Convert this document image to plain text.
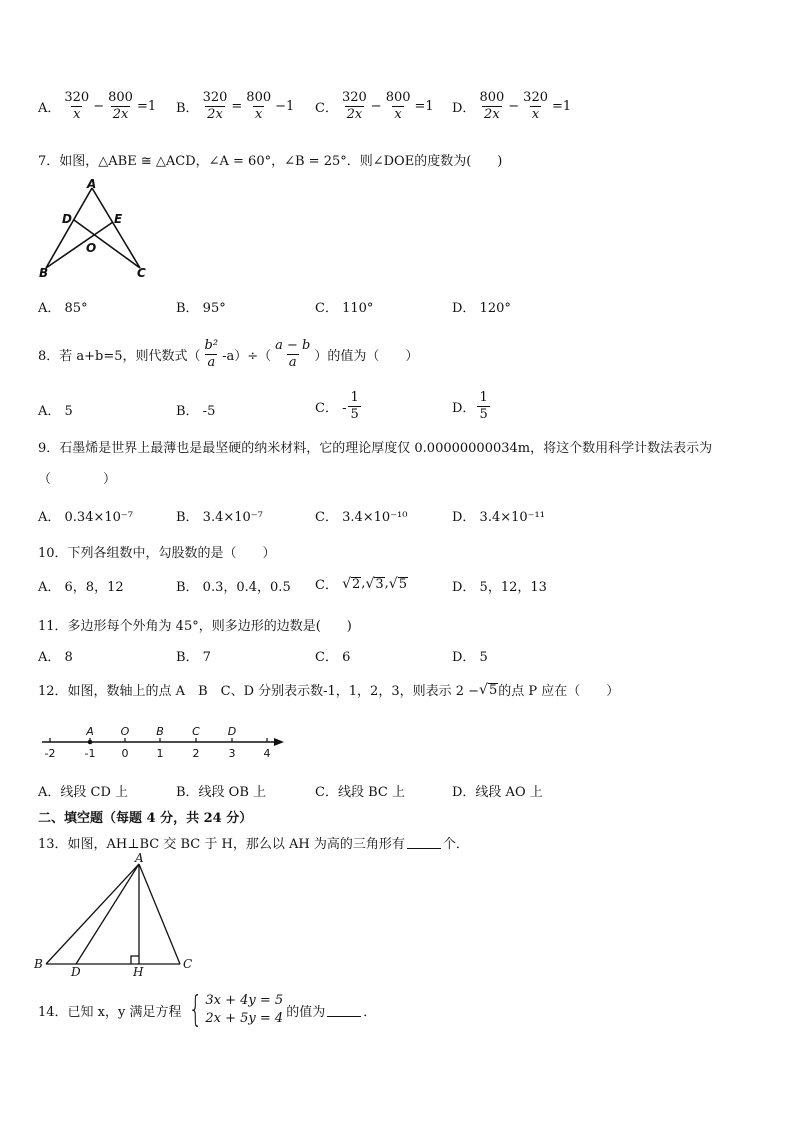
A． $\frac{320}{x} - \frac{800}{2x} =1$ B． $\frac{320}{2x} = \frac{800}{x} -1$ C． $\frac{320}{2x} - \frac{800}{x} =1$ D． $\frac{800}{2x} - \frac{320}{x} =1$
7．如图，△ABE ≅ △ACD，∠A = 60°，∠B = 25°．则∠DOE的度数为(　　)
A
D	E
O
B	C
A． 85°	B． 95°	C． 110°	D． 120°
8．若 a+b=5，则代数式（ $\frac{\text{b²}}{a} -a)\div( \frac{a - b}{a}$ ）的值为（　　）
A． 5	B． -5	C． - $\frac{1}{5}$	D． $\frac{1}{5}$
9．石墨烯是世界上最薄也是最坚硬的纳米材料，它的理论厚度仅 0.00000000034m，将这个数用科学计数法表示为
（　　　　）
A． 0.34×10⁻⁷	B． 3.4×10⁻⁷	C． 3.4×10⁻¹⁰	D． 3.4×10⁻¹¹
10．下列各组数中，勾股数的是（　　）
A． 6，8，12	B． 0.3，0.4，0.5 C．
√ 2 , √ 3 , √ 5	D． 5，12，13
11．多边形每个外角为 45°，则多边形的边数是(　　)
A． 8	B． 7	C． 6	D． 5
12．如图，数轴上的点 A　B　C、D 分别表示数-1，1，2，3，则表示 2 − √ 5 的点 P 应在（　　）
-2	-1 0	1	2	3	4
A O B	C	D
A．线段 CD 上	B．线段 OB 上	C．线段 BC 上	D．线段 AO 上
二、填空题（每题 4 分，共 24 分）
13．如图，AH⊥BC 交 BC 于 H，那么以 AH 为高的三角形有	个．
A
B
D	H
C
14．已知 x，y 满足方程 { 3x + 4y = 5
2x + 5y = 4 的值为	．
